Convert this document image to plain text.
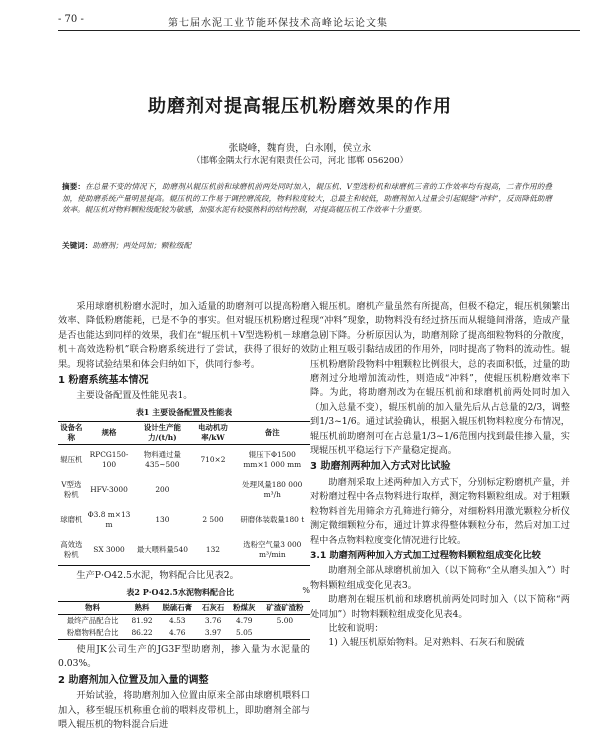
- 70 -	第七届水泥工业节能环保技术高峰论坛论文集
助磨剂对提高辊压机粉磨效果的作用
张晓峰，魏育贵，白永刚，侯立永
（邯郸金隅太行水泥有限责任公司，河北 邯郸 056200）
摘要：在总量不变的情况下，助磨剂从辊压机前和球磨机前两处同时加入，辊压机、V型选粉机和球磨机三者的工作效率均有提高，二者作用的叠加，使助磨系统产量明显提高。辊压机的工作易于调控磨流段，物料粒度较大，总最主和较低，助磨剂加入过量会引起辊缝“冲料”，反而降低助磨效率。辊压机对物料颗粒级配较为敏感，加强水泥有较强熟料的结构控制，对提高辊压机工作效率十分重要。
关键词：助磨剂；两处同加；颗粒级配

采用球磨机粉磨水泥时，加入适量的助磨剂可以提高粉磨效率、降低粉磨能耗，已是不争的事实。但对辊压机粉磨过程是否也能达到同样的效果，我们在“辊压机＋V型选粉机－球磨机＋高效选粉机”联合粉磨系统进行了尝试，获得了很好的效果。现将试验结果和体会归纳如下，供同行参考。

1 粉磨系统基本情况

主要设备配置及性能见表1。

表1 主要设备配置及性能表
设备名称	规格	设计生产能力/(t/h)	电动机功率/kW	备注
辊压机	RPCG150-100	物料通过量435~500	710×2	辊压下Φ1500 mm×1 000 mm
V型选粉机	HFV-3000	200		处理风量180 000 m³/h
球磨机	Φ3.8 m×13 m	130	2 500	研磨体装载量180 t
高效选粉机	SX 3000	最大喂料量540	132	选粉空气量3 000 m³/min

生产P·O42.5水泥，物料配合比见表2。

表2 P·O42.5水泥物料配合比	%
物料	熟料	脱硫石膏	石灰石	粉煤灰	矿渣矿渣粉
最终产品配合比	81.92	4.53	3.76	4.79	5.00
粉磨物料配合比	86.22	4.76	3.97	5.05	

使用JK公司生产的JG3F型助磨剂，掺入量为水泥量的0.03%。

2 助磨剂加入位置及加入量的调整

开始试验，将助磨剂加入位置由原来全部由球磨机喂料口加入，移至辊压机称重仓前的喂料皮带机上，即助磨剂全部与喂入辊压机的物料混合后进

入辊压机。磨机产量虽然有所提高，但极不稳定，辊压机频繁出现“冲料”现象，助物料没有经过挤压而从辊缝间滑落，造成产量急剧下降。分析原因认为，助磨剂除了提高细粒物料的分散度，防止粗互吸引黏结成团的作用外，同时提高了物料的流动性。辊压机粉磨阶段物料中粗颗粒比例很大，总的表面积低，过量的助磨剂过分地增加流动性，则造成“冲料”，使辊压机粉磨效率下降。为此，将助磨剂改为在辊压机前和球磨机前两处同时加入（加入总量不变），辊压机前的加入量先后从占总量的2/3，调整到1/3~1/6。通过试验确认，根据入辊压机物料粒度分布情况，辊压机前助磨剂可在占总量1/3~1/6范围内找到最佳掺入量，实现辊压机平稳运行下产量稳定提高。

3 助磨剂两种加入方式对比试验

助磨剂采取上述两种加入方式下，分别标定粉磨机产量，并对粉磨过程中各点物料进行取样，测定物料颗粒组成。对于粗颗粒物料首先用筛余方孔筛进行筛分，对细粉料用激光颗粒分析仪测定微细颗粒分布，通过计算求得整体颗粒分布，然后对加工过程中各点物料粒度变化情况进行比较。

3.1 助磨剂两种加入方式加工过程物料颗粒组成变化比较

助磨剂全部从球磨机前加入（以下简称“全从磨头加入”）时物料颗粒组成变化见表3。

助磨剂在辊压机前和球磨机前两处同时加入（以下简称“两处同加”）时物料颗粒组成变化见表4。

比较和说明：

1) 入辊压机原始物料。足对熟料、石灰石和脱硫
